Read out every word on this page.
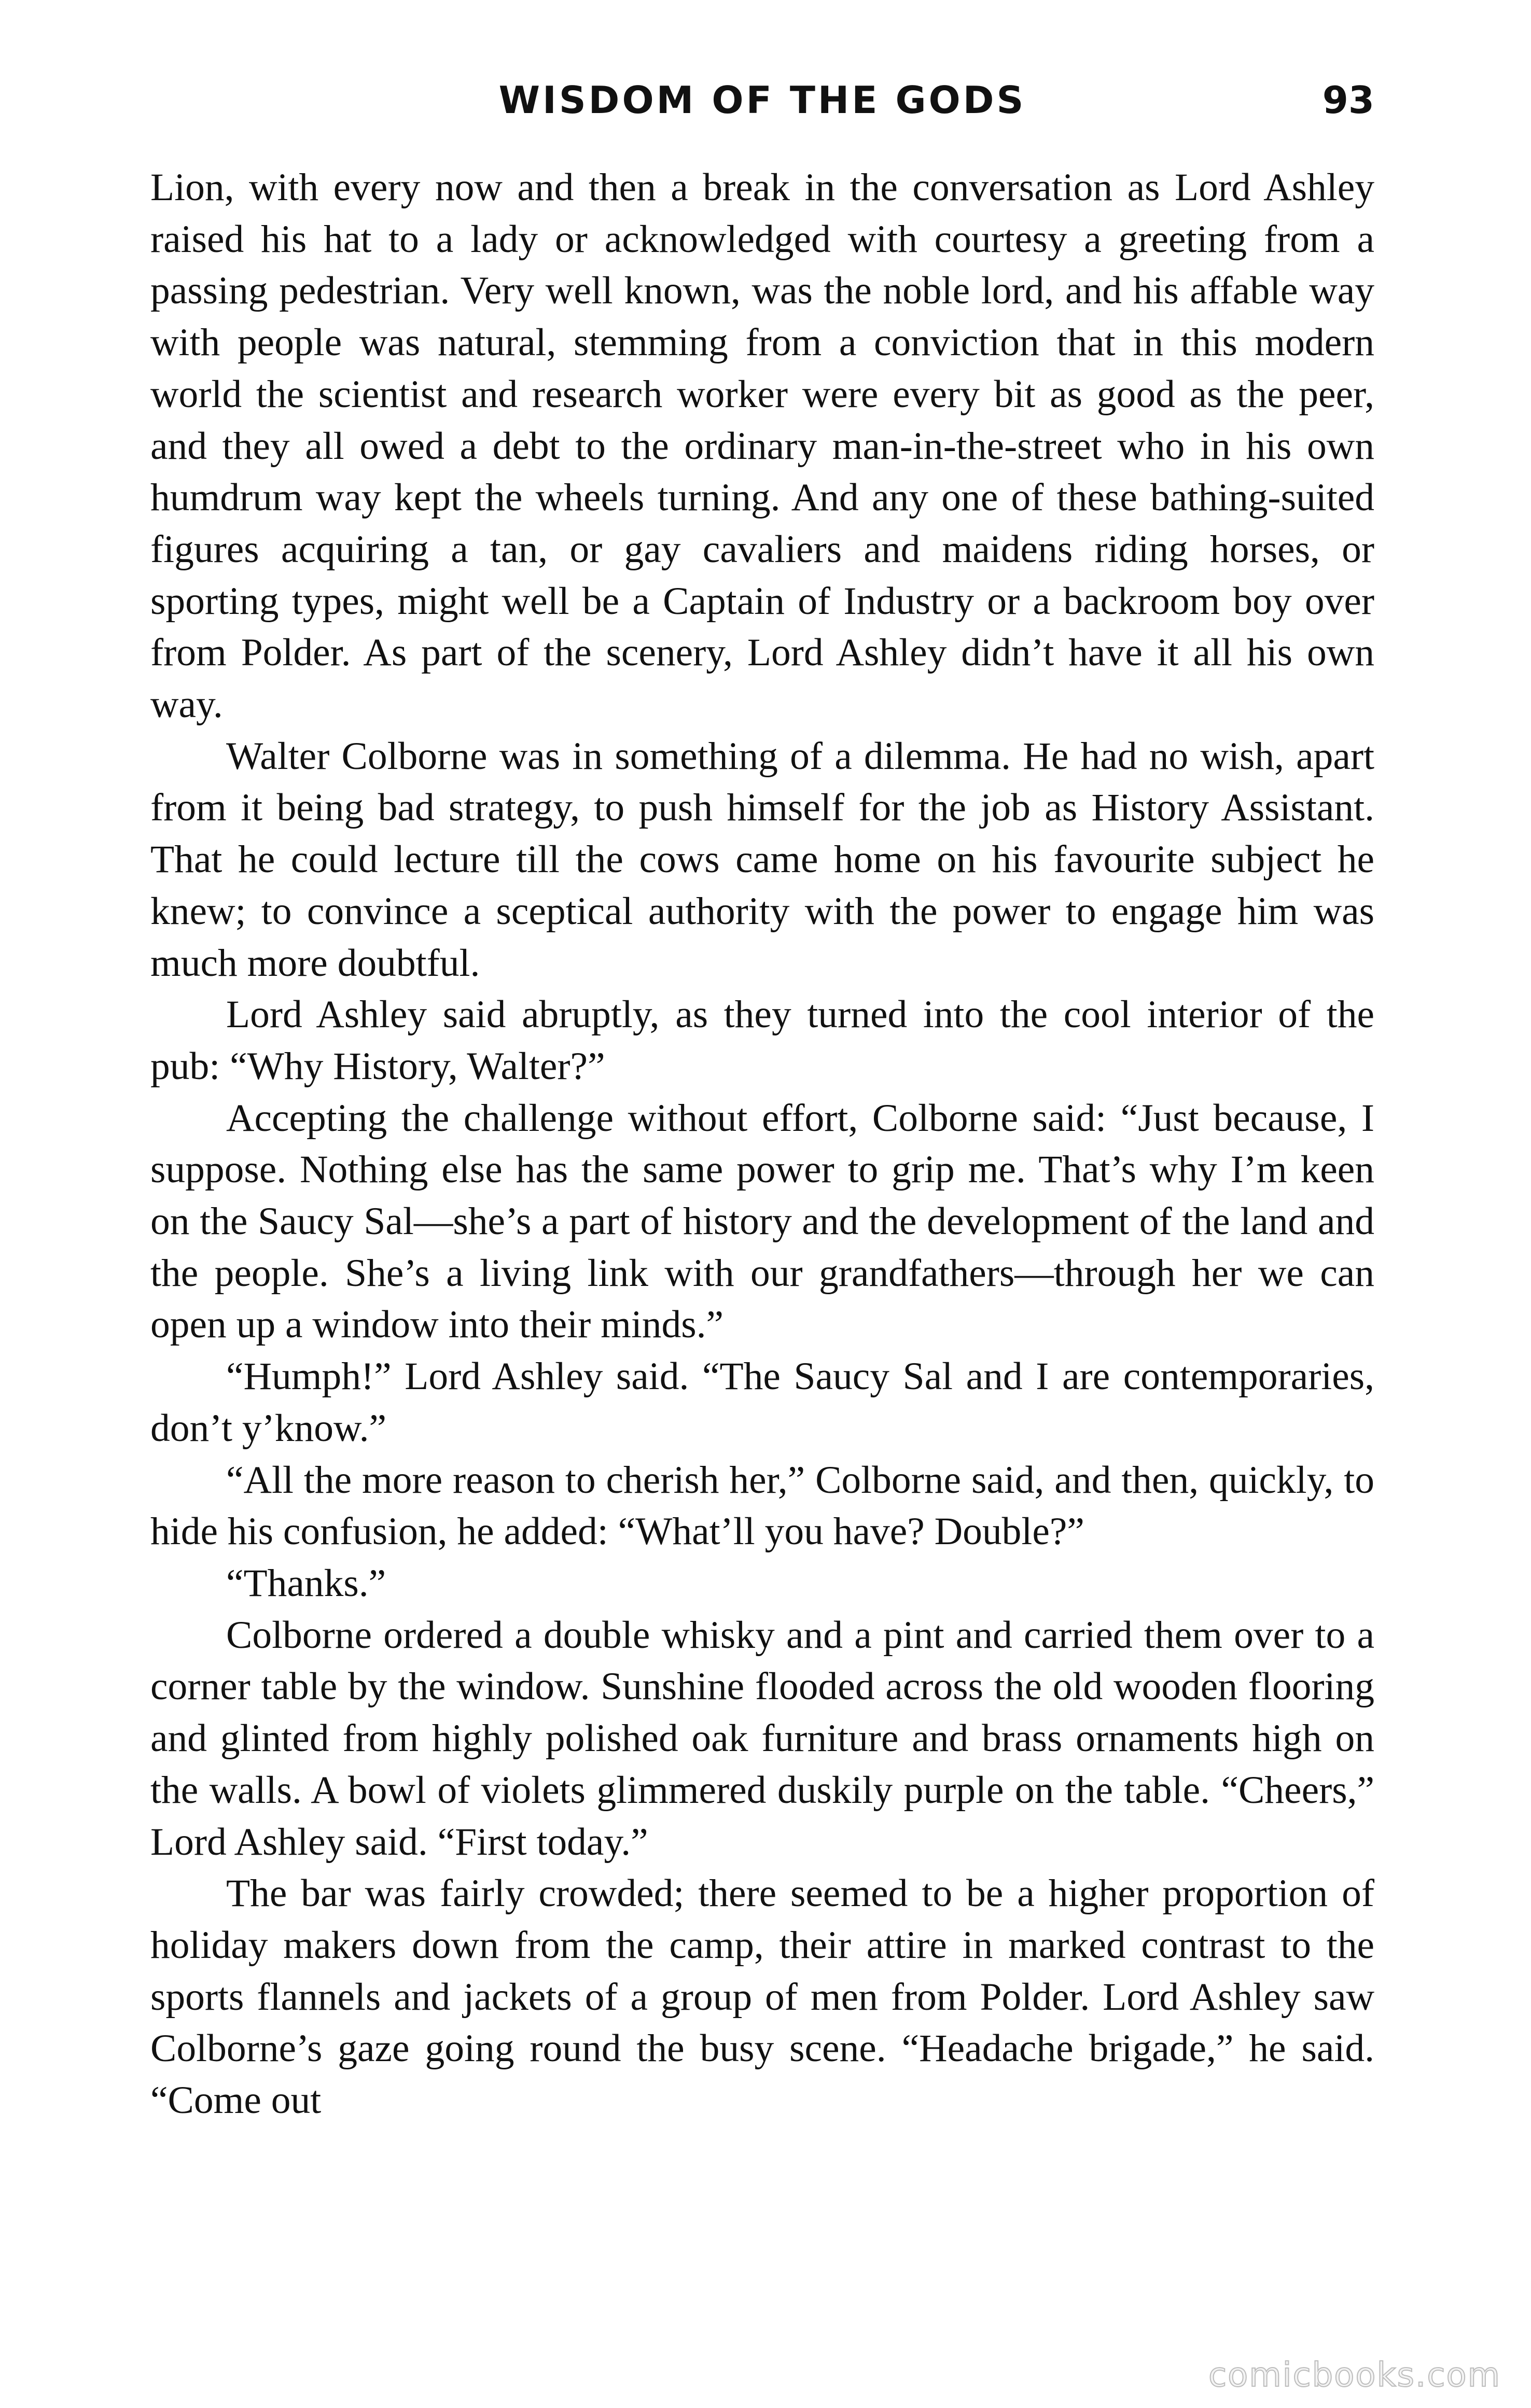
WISDOM OF THE GODS	93

Lion, with every now and then a break in the conversation as Lord Ashley raised his hat to a lady or acknowledged with courtesy a greeting from a passing pedestrian. Very well known, was the noble lord, and his affable way with people was natural, stemming from a conviction that in this modern world the scientist and research worker were every bit as good as the peer, and they all owed a debt to the ordinary man-in-the-street who in his own humdrum way kept the wheels turning. And any one of these bathing-suited figures acquiring a tan, or gay cavaliers and maidens riding horses, or sporting types, might well be a Captain of Industry or a backroom boy over from Polder. As part of the scenery, Lord Ashley didn’t have it all his own way.

Walter Colborne was in something of a dilemma. He had no wish, apart from it being bad strategy, to push himself for the job as History Assistant. That he could lecture till the cows came home on his favourite subject he knew; to convince a sceptical authority with the power to engage him was much more doubtful.

Lord Ashley said abruptly, as they turned into the cool interior of the pub: “Why History, Walter?”

Accepting the challenge without effort, Colborne said: “Just because, I suppose. Nothing else has the same power to grip me. That’s why I’m keen on the Saucy Sal—she’s a part of history and the development of the land and the people. She’s a living link with our grandfathers—through her we can open up a window into their minds.”

“Humph!” Lord Ashley said. “The Saucy Sal and I are contemporaries, don’t y’know.”

“All the more reason to cherish her,” Colborne said, and then, quickly, to hide his confusion, he added: “What’ll you have? Double?”

“Thanks.”

Colborne ordered a double whisky and a pint and carried them over to a corner table by the window. Sunshine flooded across the old wooden flooring and glinted from highly polished oak furniture and brass ornaments high on the walls. A bowl of violets glimmered duskily purple on the table. “Cheers,” Lord Ashley said. “First today.”

The bar was fairly crowded; there seemed to be a higher proportion of holiday makers down from the camp, their attire in marked contrast to the sports flannels and jackets of a group of men from Polder. Lord Ashley saw Colborne’s gaze going round the busy scene. “Headache brigade,” he said. “Come out

comicbooks.com
